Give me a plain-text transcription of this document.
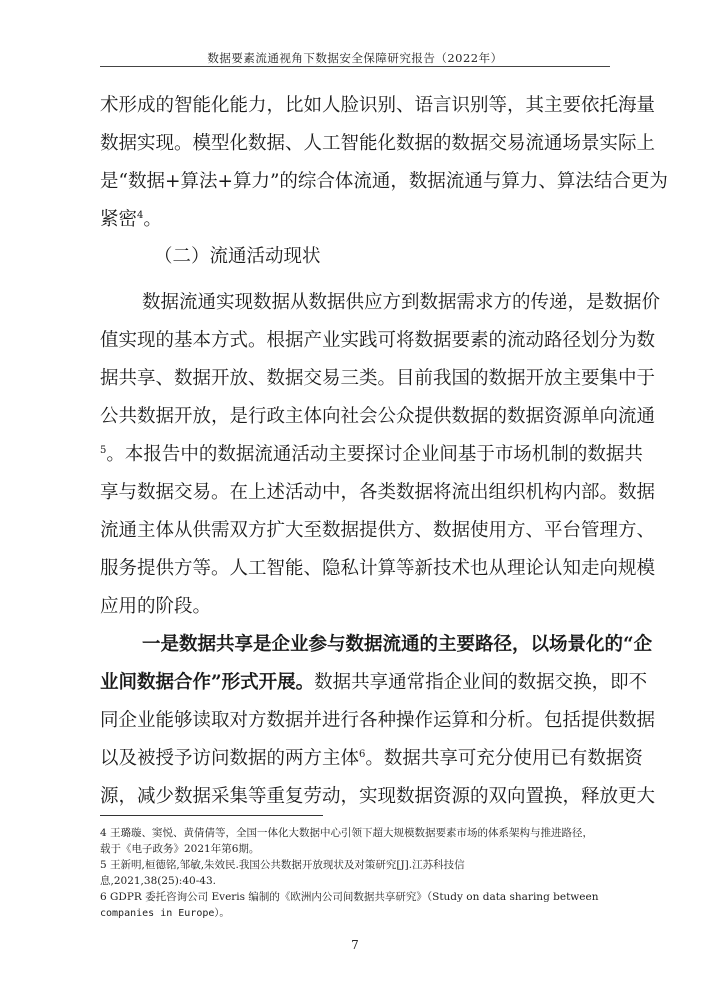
数据要素流通视角下数据安全保障研究报告（2022年）
术形成的智能化能力，比如人脸识别、语言识别等，其主要依托海量
数据实现。模型化数据、人工智能化数据的数据交易流通场景实际上
是“数据+算法+算力”的综合体流通，数据流通与算力、算法结合更为
紧密$^4$。
（二）流通活动现状
数据流通实现数据从数据供应方到数据需求方的传递，是数据价
值实现的基本方式。根据产业实践可将数据要素的流动路径划分为数
据共享、数据开放、数据交易三类。目前我国的数据开放主要集中于
公共数据开放，是行政主体向社会公众提供数据的数据资源单向流通
$^5$。本报告中的数据流通活动主要探讨企业间基于市场机制的数据共
享与数据交易。在上述活动中，各类数据将流出组织机构内部。数据
流通主体从供需双方扩大至数据提供方、数据使用方、平台管理方、
服务提供方等。人工智能、隐私计算等新技术也从理论认知走向规模
应用的阶段。
一是数据共享是企业参与数据流通的主要路径，以场景化的“企
业间数据合作”形式开展。数据共享通常指企业间的数据交换，即不
同企业能够读取对方数据并进行各种操作运算和分析。包括提供数据
以及被授予访问数据的两方主体$^6$。数据共享可充分使用已有数据资
源，减少数据采集等重复劳动，实现数据资源的双向置换，释放更大
4 王璐璇、窦悦、黄倩倩等，全国一体化大数据中心引领下超大规模数据要素市场的体系架构与推进路径，
载于《电子政务》2021年第6期。
5 王新明,桓德铭,邹敏,朱效民.我国公共数据开放现状及对策研究[J].江苏科技信
息,2021,38(25):40-43.
6 GDPR 委托咨询公司 Everis 编制的《欧洲内公司间数据共享研究》（Study on data sharing between
companies in Europe）。
7
